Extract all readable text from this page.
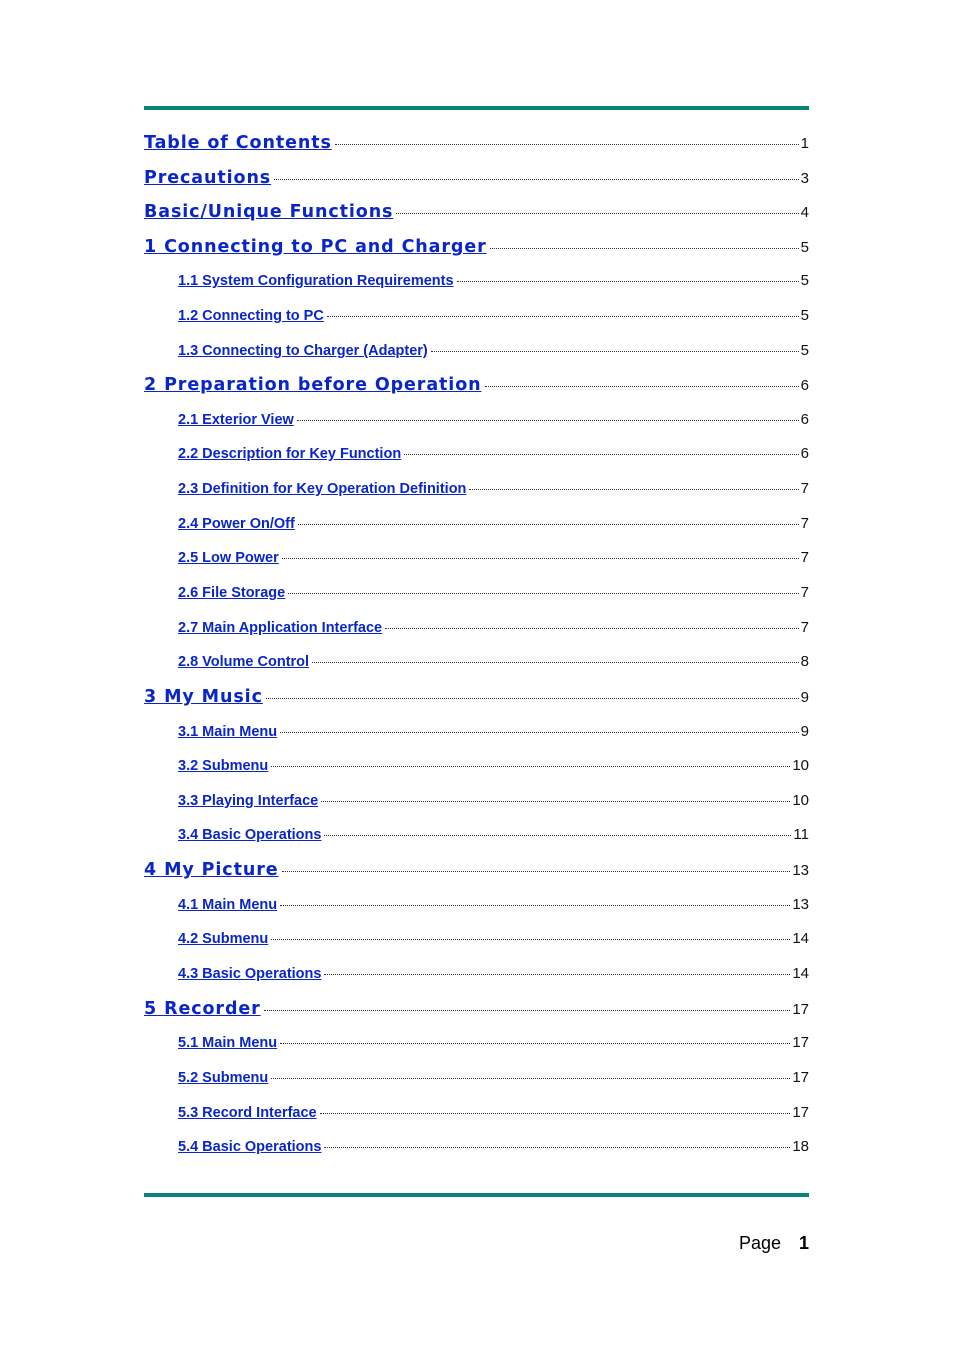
Table of Contents	1
Precautions	3
Basic/Unique Functions	4
1 Connecting to PC and Charger	5
1.1 System Configuration Requirements	5
1.2 Connecting to PC	5
1.3 Connecting to Charger (Adapter)	5
2 Preparation before Operation	6
2.1 Exterior View	6
2.2 Description for Key Function	6
2.3 Definition for Key Operation Definition	7
2.4 Power On/Off	7
2.5 Low Power	7
2.6 File Storage	7
2.7 Main Application Interface	7
2.8 Volume Control	8
3 My Music	9
3.1 Main Menu	9
3.2 Submenu	10
3.3 Playing Interface	10
3.4 Basic Operations	11
4 My Picture	13
4.1 Main Menu	13
4.2 Submenu	14
4.3 Basic Operations	14
5 Recorder	17
5.1 Main Menu	17
5.2 Submenu	17
5.3 Record Interface	17
5.4 Basic Operations	18
Page 1
